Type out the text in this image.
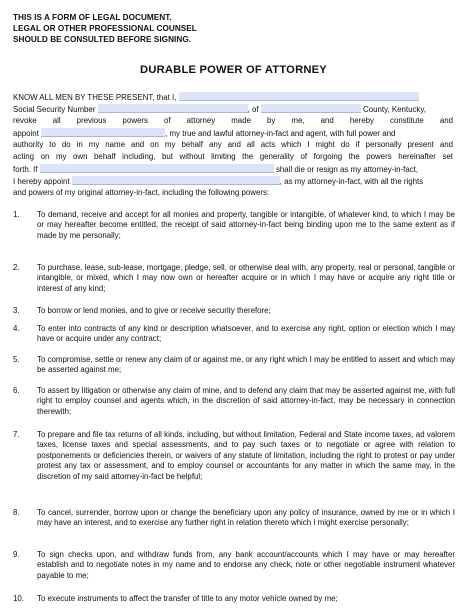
THIS IS A FORM OF LEGAL DOCUMENT.
LEGAL OR OTHER PROFESSIONAL COUNSEL
SHOULD BE CONSULTED BEFORE SIGNING.
DURABLE POWER OF ATTORNEY
KNOW ALL MEN BY THESE PRESENT, that I,
Social Security Number	, of	County, Kentucky,
revoke all previous powers of attorney made by me, and hereby constitute and
appoint	, my true and lawful attorney-in-fact and agent, with full power and
authority to do in my name and on my behalf any and all acts which I might do if personally present and
acting on my own behalf including, but without limiting the generality of forgoing the powers hereinafter set
forth. If	shall die or resign as my attorney-in-fact,
I hereby appoint	, as my attorney-in-fact, with all the rights
and powers of my original attorney-in-fact, including the following powers:
1. To demand, receive and accept for all monies and property, tangible or intangible, of whatever kind, to which I may be or may hereafter become entitled, the receipt of said attorney-in-fact being binding upon me to the same extent as if made by me personally;
2. To purchase, lease, sub-lease, mortgage, pledge, sell, or otherwise deal with, any property, real or personal, tangible or intangible, or mixed, which I may now own or hereafter acquire or in which I may have or acquire any right title or interest of any kind;
3. To borrow or lend monies, and to give or receive security therefore;
4. To enter into contracts of any kind or description whatsoever, and to exercise any right, option or election which I may have or acquire under any contract;
5. To compromise, settle or renew any claim of or against me, or any right which I may be entitled to assert and which may be asserted against me;
6. To assert by litigation or otherwise any claim of mine, and to defend any claim that may be asserted against me, with full right to employ counsel and agents which, in the discretion of said attorney-in-fact, may be necessary in connection therewith;
7. To prepare and file tax returns of all kinds, including, but without limitation, Federal and State income taxes, ad valorem taxes, license taxes and special assessments, and to pay such taxes or to negotiate or agree with relation to postponements or deficiencies therein, or waivers of any statute of limitation, including the right to protest or pay under protest any tax or assessment, and to employ counsel or accountants for any matter in which the same may, in the discretion of my said attorney-in-fact be helpful;
8. To cancel, surrender, borrow upon or change the beneficiary upon any policy of insurance, owned by me or in which I may have an interest, and to exercise any further right in relation thereto which I might exercise personally;
9. To sign checks upon, and withdraw funds from, any bank account/accounts which I may have or may hereafter establish and to negotiate notes in my name and to endorse any check, note or other negotiable instrument whatever payable to me;
10. To execute instruments to affect the transfer of title to any motor vehicle owned by me;
